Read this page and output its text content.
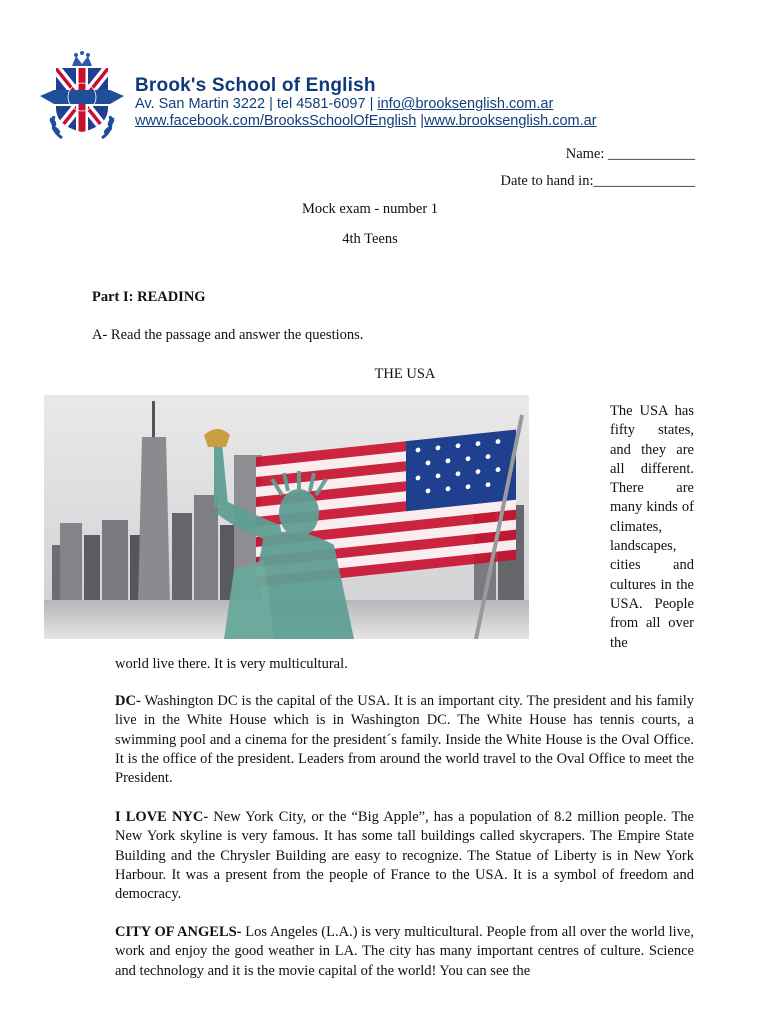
Brook's School of English
Av. San Martin 3222 | tel 4581-6097 | info@brooksenglish.com.ar
www.facebook.com/BrooksSchoolOfEnglish |www.brooksenglish.com.ar
Name: ____________
Date to hand in:______________
Mock exam - number 1
4th Teens
Part I: READING
A- Read the passage and answer the questions.
THE USA
The USA has fifty states, and they are all different. There are many kinds of climates, landscapes, cities and cultures in the USA. People from all over the
world live there. It is very multicultural.
DC- Washington DC is the capital of the USA. It is an important city. The president and his family live in the White House which is in Washington DC. The White House has tennis courts, a swimming pool and a cinema for the president´s family. Inside the White House is the Oval Office. It is the office of the president. Leaders from around the world travel to the Oval Office to meet the President.
I LOVE NYC- New York City, or the “Big Apple”, has a population of 8.2 million people. The New York skyline is very famous. It has some tall buildings called skycrapers. The Empire State Building and the Chrysler Building are easy to recognize. The Statue of Liberty is in New York Harbour. It was a present from the people of France to the USA. It is a symbol of freedom and democracy.
CITY OF ANGELS- Los Angeles (L.A.) is very multicultural. People from all over the world live, work and enjoy the good weather in LA. The city has many important centres of culture. Science and technology and it is the movie capital of the world! You can see the
